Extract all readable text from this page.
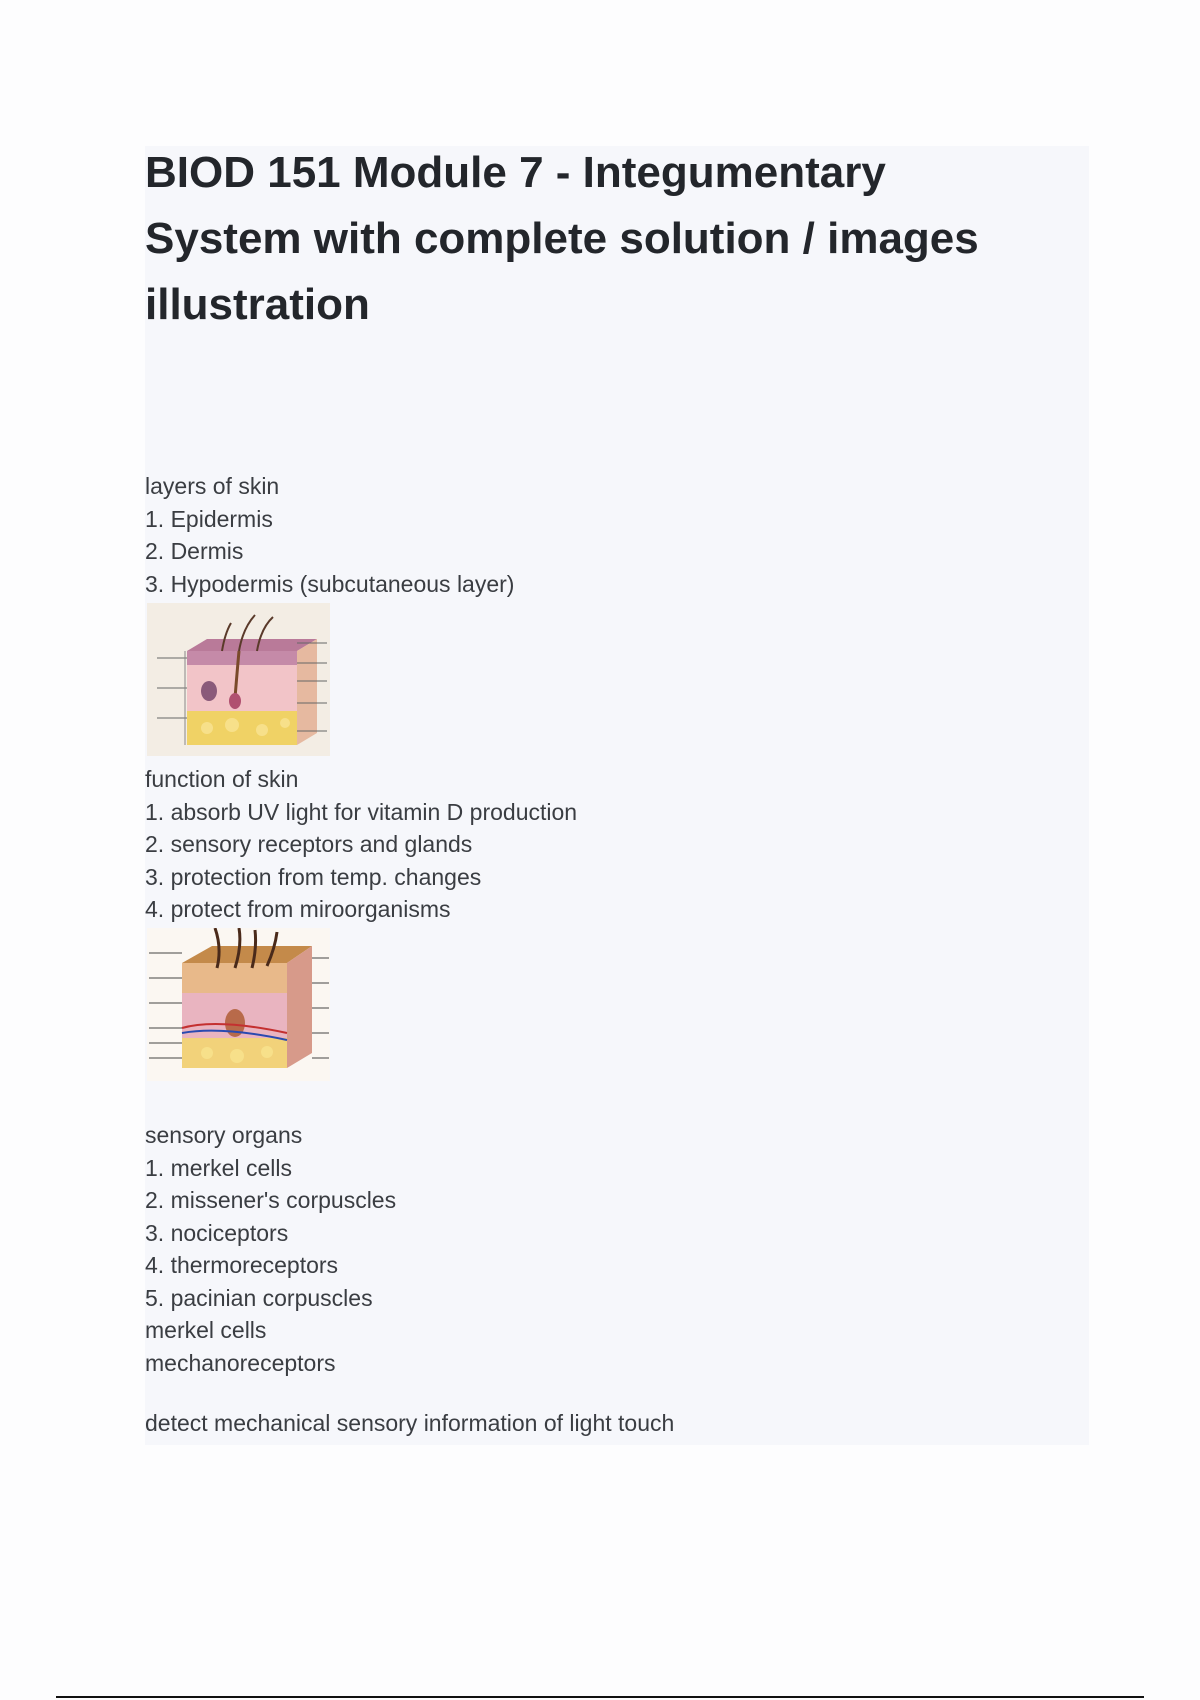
BIOD 151 Module 7 - Integumentary System with complete solution / images illustration
layers of skin
1. Epidermis
2. Dermis
3. Hypodermis (subcutaneous layer)
function of skin
1. absorb UV light for vitamin D production
2. sensory receptors and glands
3. protection from temp. changes
4. protect from miroorganisms
sensory organs
1. merkel cells
2. missener's corpuscles
3. nociceptors
4. thermoreceptors
5. pacinian corpuscles
merkel cells
mechanoreceptors
detect mechanical sensory information of light touch
